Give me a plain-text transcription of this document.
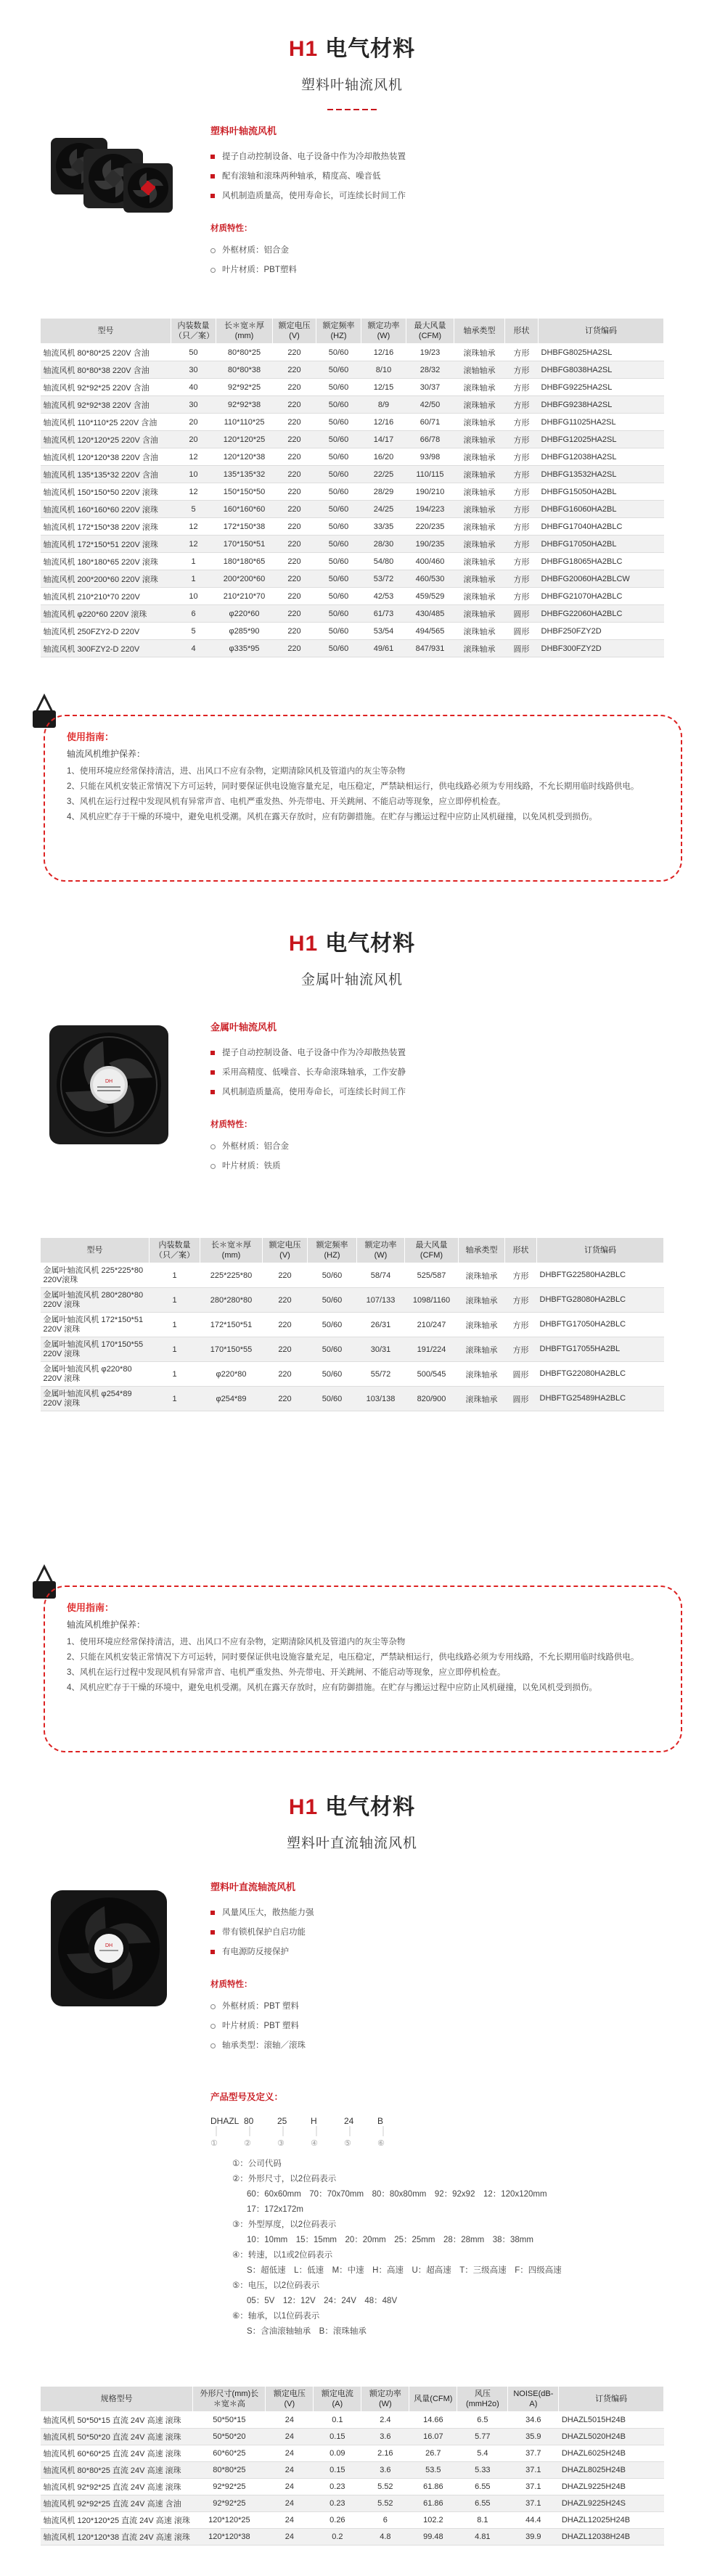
H1 电气材料
塑料叶轴流风机
塑料叶轴流风机
提子自动控制设备、电子设备中作为冷却散热装置
配有滚轴和滚珠两种轴承，精度高、噪音低
风机制造质量高，使用寿命长，可连续长时间工作
材质特性：
外框材质：铝合金
叶片材质：PBT塑料
型号	内装数量（只／案）	长＊宽＊厚(mm)	额定电压(V)	额定频率(HZ)	额定功率(W)	最大风量(CFM)	轴承类型	形状	订货编码
轴流风机 80*80*25 220V 含油	50	80*80*25	220	50/60	12/16	19/23	滚珠轴承	方形	DHBFG8025HA2SL
轴流风机 80*80*38 220V 含油	30	80*80*38	220	50/60	8/10	28/32	滚轴轴承	方形	DHBFG8038HA2SL
轴流风机 92*92*25 220V 含油	40	92*92*25	220	50/60	12/15	30/37	滚珠轴承	方形	DHBFG9225HA2SL
轴流风机 92*92*38 220V 含油	30	92*92*38	220	50/60	8/9	42/50	滚珠轴承	方形	DHBFG9238HA2SL
轴流风机 110*110*25 220V 含油	20	110*110*25	220	50/60	12/16	60/71	滚珠轴承	方形	DHBFG11025HA2SL
轴流风机 120*120*25 220V 含油	20	120*120*25	220	50/60	14/17	66/78	滚珠轴承	方形	DHBFG12025HA2SL
轴流风机 120*120*38 220V 含油	12	120*120*38	220	50/60	16/20	93/98	滚珠轴承	方形	DHBFG12038HA2SL
轴流风机 135*135*32 220V 含油	10	135*135*32	220	50/60	22/25	110/115	滚珠轴承	方形	DHBFG13532HA2SL
轴流风机 150*150*50 220V 滚珠	12	150*150*50	220	50/60	28/29	190/210	滚珠轴承	方形	DHBFG15050HA2BL
轴流风机 160*160*60 220V 滚珠	5	160*160*60	220	50/60	24/25	194/223	滚珠轴承	方形	DHBFG16060HA2BL
轴流风机 172*150*38 220V 滚珠	12	172*150*38	220	50/60	33/35	220/235	滚珠轴承	方形	DHBFG17040HA2BLC
轴流风机 172*150*51 220V 滚珠	12	170*150*51	220	50/60	28/30	190/235	滚珠轴承	方形	DHBFG17050HA2BL
轴流风机 180*180*65 220V 滚珠	1	180*180*65	220	50/60	54/80	400/460	滚珠轴承	方形	DHBFG18065HA2BLC
轴流风机 200*200*60 220V 滚珠	1	200*200*60	220	50/60	53/72	460/530	滚珠轴承	方形	DHBFG20060HA2BLCW
轴流风机 210*210*70 220V	10	210*210*70	220	50/60	42/53	459/529	滚珠轴承	方形	DHBFG21070HA2BLC
轴流风机 φ220*60 220V 滚珠	6	φ220*60	220	50/60	61/73	430/485	滚珠轴承	圆形	DHBFG22060HA2BLC
轴流风机 250FZY2-D 220V	5	φ285*90	220	50/60	53/54	494/565	滚珠轴承	圆形	DHBF250FZY2D
轴流风机 300FZY2-D 220V	4	φ335*95	220	50/60	49/61	847/931	滚珠轴承	圆形	DHBF300FZY2D
使用指南：
轴流风机维护保养：

1、使用环境应经常保持清洁，进、出风口不应有杂物，定期清除风机及管道内的灰尘等杂物

2、只能在风机安装正常情况下方可运转，同时要保证供电设施容量充足，电压稳定，严禁缺相运行，供电线路必须为专用线路，不允长期用临时线路供电。

3、风机在运行过程中发现风机有异常声音、电机严重发热、外壳带电、开关跳闸、不能启动等现象，应立即停机检查。

4、风机应贮存于干燥的环境中，避免电机受潮。风机在露天存放时，应有防御措施。在贮存与搬运过程中应防止风机碰撞，以免风机受到损伤。

H1 电气材料
金属叶轴流风机
DH
金属叶轴流风机
提子自动控制设备、电子设备中作为冷却散热装置
采用高精度、低噪音、长寿命滚珠轴承，工作安静
风机制造质量高，使用寿命长，可连续长时间工作
材质特性：
外框材质：铝合金
叶片材质：铁质
型号	内装数量（只／案）	长＊宽＊厚(mm)	额定电压(V)	额定频率(HZ)	额定功率(W)	最大风量(CFM)	轴承类型	形状	订货编码
金属叶轴流风机 225*225*80 220V滚珠	1	225*225*80	220	50/60	58/74	525/587	滚珠轴承	方形	DHBFTG22580HA2BLC
金属叶轴流风机 280*280*80 220V 滚珠	1	280*280*80	220	50/60	107/133	1098/1160	滚珠轴承	方形	DHBFTG28080HA2BLC
金属叶轴流风机 172*150*51 220V 滚珠	1	172*150*51	220	50/60	26/31	210/247	滚珠轴承	方形	DHBFTG17050HA2BLC
金属叶轴流风机 170*150*55 220V 滚珠	1	170*150*55	220	50/60	30/31	191/224	滚珠轴承	方形	DHBFTG17055HA2BL
金属叶轴流风机 φ220*80 220V 滚珠	1	φ220*80	220	50/60	55/72	500/545	滚珠轴承	圆形	DHBFTG22080HA2BLC
金属叶轴流风机 φ254*89 220V 滚珠	1	φ254*89	220	50/60	103/138	820/900	滚珠轴承	圆形	DHBFTG25489HA2BLC
使用指南：
轴流风机维护保养：

1、使用环境应经常保持清洁，进、出风口不应有杂物，定期清除风机及管道内的灰尘等杂物

2、只能在风机安装正常情况下方可运转，同时要保证供电设施容量充足，电压稳定，严禁缺相运行，供电线路必须为专用线路，不允长期用临时线路供电。

3、风机在运行过程中发现风机有异常声音、电机严重发热、外壳带电、开关跳闸、不能启动等现象，应立即停机检查。

4、风机应贮存于干燥的环境中，避免电机受潮。风机在露天存放时，应有防御措施。在贮存与搬运过程中应防止风机碰撞，以免风机受到损伤。

H1 电气材料
塑料叶直流轴流风机
DH
塑料叶直流轴流风机
风量风压大，散热能力强
带有锁机保护自启功能
有电源防反接保护
材质特性：
外框材质：PBT 塑料
叶片材质：PBT 塑料
轴承类型：滚轴／滚珠
产品型号及定义：
DHAZL 80	25	H	24	B
①	②	③	④	⑤	⑥

①：公司代码

②：外形尺寸，以2位码表示

60：60x60mm　70：70x70mm　80：80x80mm　92：92x92　12：120x120mm

17：172x172m

③：外型厚度，以2位码表示

10：10mm　15：15mm　20：20mm　25：25mm　28：28mm　38：38mm

④：转速，以1或2位码表示

S：超低速　L：低速　M：中速　H：高速　U：超高速　T：三级高速　F：四级高速

⑤：电压，以2位码表示

05：5V　12：12V　24：24V　48：48V

⑥：轴承，以1位码表示

S：含油滚轴轴承　B：滚珠轴承

规格型号	外形尺寸(mm)长＊宽＊高	额定电压(V)	额定电流(A)	额定功率(W)	风量(CFM)	风压(mmH2o)	NOISE(dB-A)	订货编码
轴流风机 50*50*15 直流 24V 高速 滚珠	50*50*15	24	0.1	2.4	14.66	6.5	34.6	DHAZL5015H24B
轴流风机 50*50*20 直流 24V 高速 滚珠	50*50*20	24	0.15	3.6	16.07	5.77	35.9	DHAZL5020H24B
轴流风机 60*60*25 直流 24V 高速 滚珠	60*60*25	24	0.09	2.16	26.7	5.4	37.7	DHAZL6025H24B
轴流风机 80*80*25 直流 24V 高速 滚珠	80*80*25	24	0.15	3.6	53.5	5.33	37.1	DHAZL8025H24B
轴流风机 92*92*25 直流 24V 高速 滚珠	92*92*25	24	0.23	5.52	61.86	6.55	37.1	DHAZL9225H24B
轴流风机 92*92*25 直流 24V 高速 含油	92*92*25	24	0.23	5.52	61.86	6.55	37.1	DHAZL9225H24S
轴流风机 120*120*25 直流 24V 高速 滚珠	120*120*25	24	0.26	6	102.2	8.1	44.4	DHAZL12025H24B
轴流风机 120*120*38 直流 24V 高速 滚珠	120*120*38	24	0.2	4.8	99.48	4.81	39.9	DHAZL12038H24B
